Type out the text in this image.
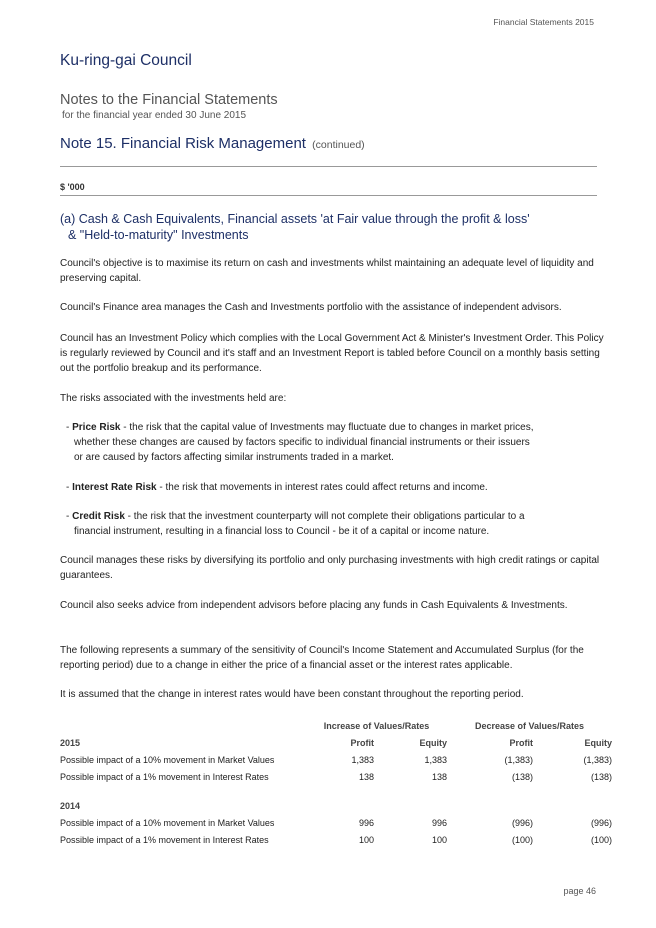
Financial Statements 2015
Ku-ring-gai Council
Notes to the Financial Statements
for the financial year ended 30 June 2015
Note 15. Financial Risk Management (continued)
$ '000
(a) Cash & Cash Equivalents, Financial assets 'at Fair value through the profit & loss'
& "Held-to-maturity" Investments
Council's objective is to maximise its return on cash and investments whilst maintaining an adequate level of liquidity and preserving capital.
Council's Finance area manages the Cash and Investments portfolio with the assistance of independent advisors.
Council has an Investment Policy which complies with the Local Government Act & Minister's Investment Order. This Policy is regularly reviewed by Council and it's staff and an Investment Report is tabled before Council on a monthly basis setting out the portfolio breakup and its performance.
The risks associated with the investments held are:
- Price Risk - the risk that the capital value of Investments may fluctuate due to changes in market prices,
whether these changes are caused by factors specific to individual financial instruments or their issuers
or are caused by factors affecting similar instruments traded in a market.
- Interest Rate Risk - the risk that movements in interest rates could affect returns and income.
- Credit Risk - the risk that the investment counterparty will not complete their obligations particular to a
financial instrument, resulting in a financial loss to Council - be it of a capital or income nature.
Council manages these risks by diversifying its portfolio and only purchasing investments with high credit ratings or capital guarantees.
Council also seeks advice from independent advisors before placing any funds in Cash Equivalents & Investments.
The following represents a summary of the sensitivity of Council's Income Statement and Accumulated Surplus (for the reporting period) due to a change in either the price of a financial asset or the interest rates applicable.
It is assumed that the change in interest rates would have been constant throughout the reporting period.
	Increase of Values/Rates		Decrease of Values/Rates	
2015	Profit	Equity	Profit	Equity
Possible impact of a 10% movement in Market Values	1,383	1,383	(1,383)	(1,383)
Possible impact of a 1% movement in Interest Rates	138	138	(138)	(138)

2014				
Possible impact of a 10% movement in Market Values	996	996	(996)	(996)
Possible impact of a 1% movement in Interest Rates	100	100	(100)	(100)
page 46
